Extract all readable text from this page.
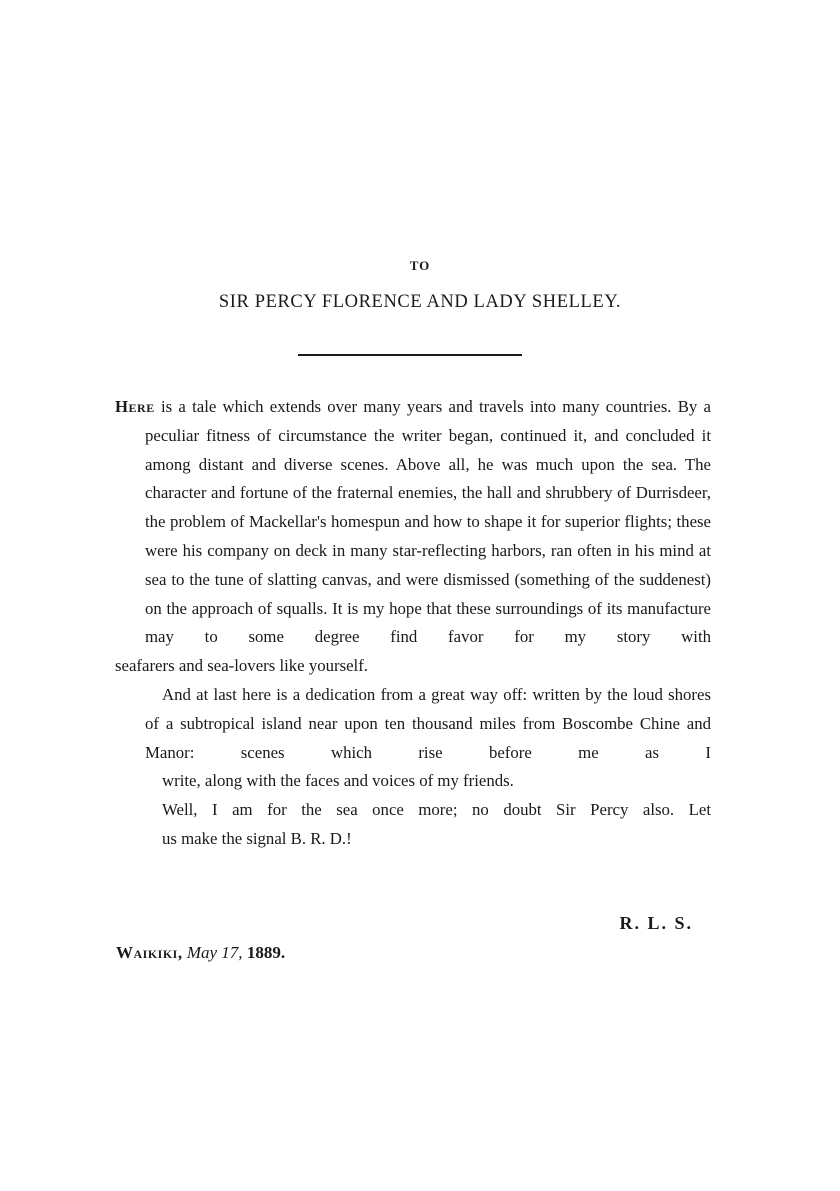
TO
SIR PERCY FLORENCE AND LADY SHELLEY.

Here is a tale which extends over many years and travels into many countries. By a peculiar fitness of circumstance the writer began, continued it, and concluded it among distant and diverse scenes. Above all, he was much upon the sea. The character and fortune of the fraternal enemies, the hall and shrubbery of Durrisdeer, the problem of Mackellar's homespun and how to shape it for superior flights; these were his company on deck in many star-reflecting harbors, ran often in his mind at sea to the tune of slatting canvas, and were dismissed (something of the suddenest) on the approach of squalls. It is my hope that these surroundings of its manufacture may to some degree find favor for my story with
seafarers and sea-lovers like yourself.

And at last here is a dedication from a great way off: written by the loud shores of a subtropical island near upon ten thousand miles from Boscombe Chine and Manor: scenes which rise before me as I
write, along with the faces and voices of my friends.

Well, I am for the sea once more; no doubt Sir Percy also. Let
us make the signal B. R. D.!

R. L. S.
Waikiki, May 17, 1889.
